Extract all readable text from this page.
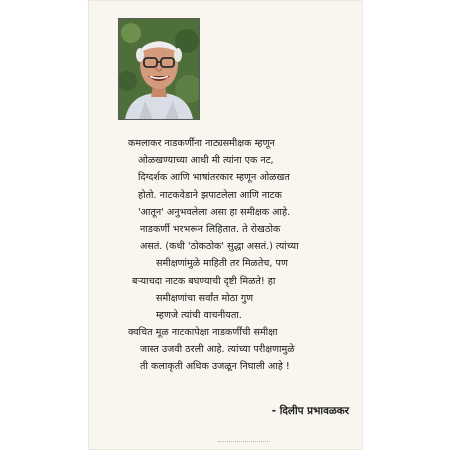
कमलाकर नाडकर्णींना नाट्यसमीक्षक म्हणून
ओळखण्याच्या आधी मी त्यांना एक नट,
दिग्दर्शक आणि भाषांतरकार म्हणून ओळखत
होतो. नाटकवेडाने झपाटलेला आणि नाटक
'आतून' अनुभवलेला असा हा समीक्षक आहे.
नाडकर्णी भरभरून लिहितात. ते रोखठोक
असतं. (कधी 'ठोकठोक' सुद्धा असतं.) त्यांच्या
समीक्षणांमुळे माहिती तर मिळतेच, पण
बऱ्याचदा नाटक बघण्याची दृष्टी मिळते! हा
समीक्षणांचा सर्वांत मोठा गुण
म्हणजे त्यांची वाचनीयता.
क्वचित मूळ नाटकापेक्षा नाडकर्णींची समीक्षा
जास्त उजवी ठरली आहे. त्यांच्या परीक्षणामुळे
ती कलाकृती अधिक उजळून निघाली आहे !
- दिलीप प्रभावळकर
